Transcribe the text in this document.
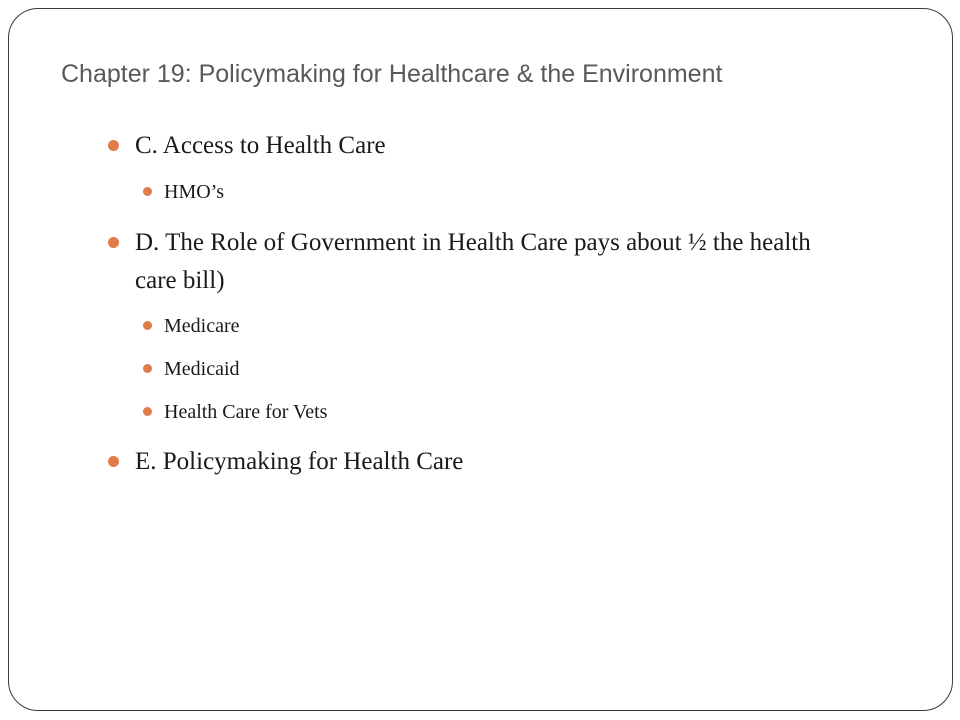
Chapter 19: Policymaking for Healthcare & the Environment
C. Access to Health Care
HMO’s
D. The Role of Government in Health Care pays about ½ the health care bill)
Medicare
Medicaid
Health Care for Vets
E. Policymaking for Health Care
